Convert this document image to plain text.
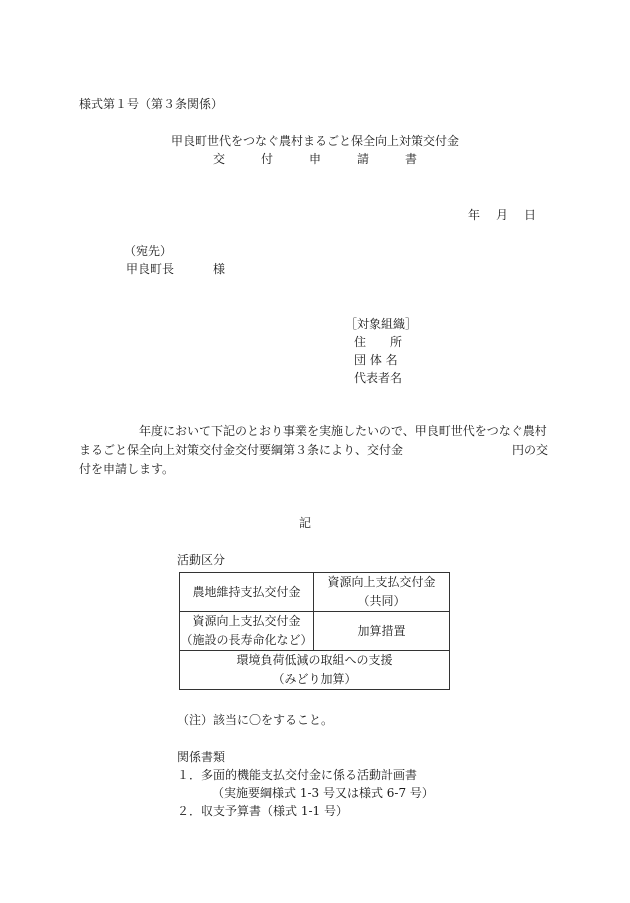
様式第１号（第３条関係）
甲良町世代をつなぐ農村まるごと保全向上対策交付金
交　付　申　請　書
年　月　日
（宛先）
甲良町長	様
［対象組織］
住　　所
団 体 名
代表者名
年度において下記のとおり事業を実施したいので、甲良町世代をつなぐ農村
まるごと保全向上対策交付金交付要綱第３条により、交付金	円の交
付を申請します。
記
活動区分
農地維持支払交付金	資源向上支払交付金
（共同）

資源向上支払交付金
（施設の長寿命化など）	加算措置

環境負荷低減の取組への支援
（みどり加算）	
（注）該当に〇をすること。
関係書類
１．多面的機能支払交付金に係る活動計画書
（実施要綱様式 1-3 号又は様式 6-7 号）
２．収支予算書（様式 1-1 号）
